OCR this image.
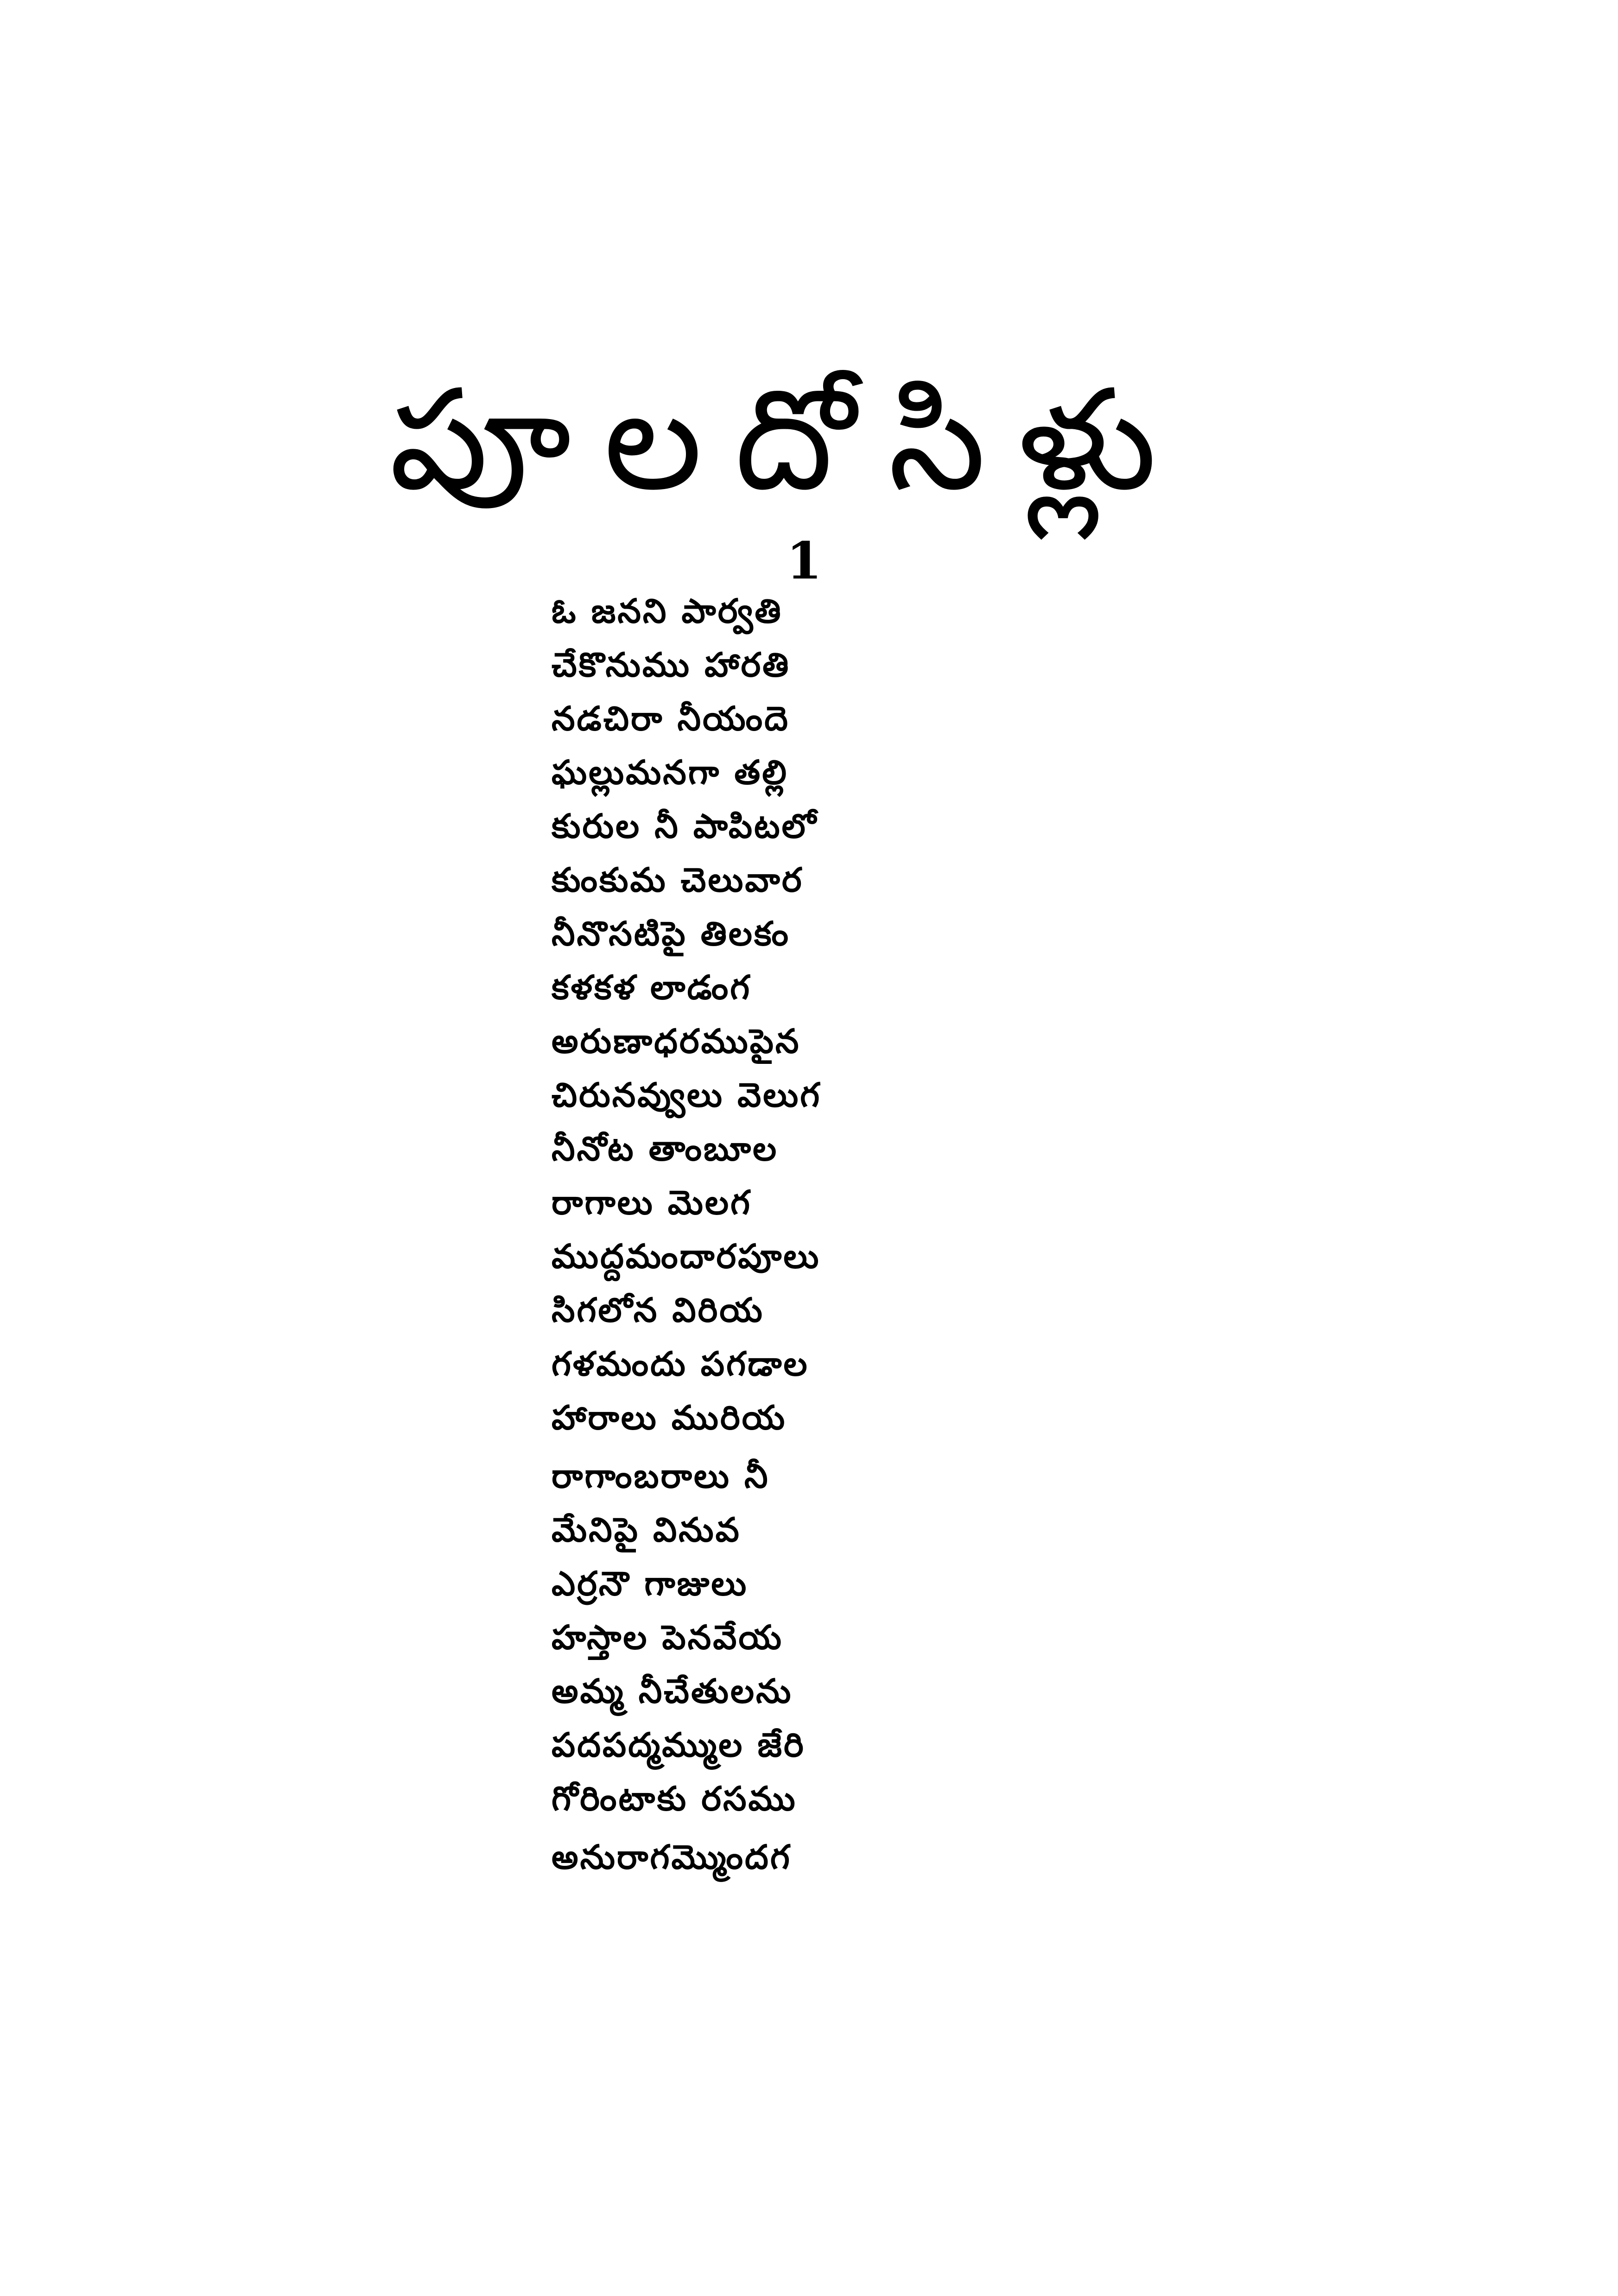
పూలదోసిళ్లు
1
ఓ జనని పార్వతి
చేకొనుము హారతి
నడచిరా నీయందె
ఘల్లుమనగా తల్లి
కురుల నీ పాపిటలో
కుంకుమ చెలువార
నీనొసటిపై తిలకం
కళకళ లాడంగ
అరుణాధరముపైన
చిరునవ్వులు వెలుగ
నీనోట తాంబూల
రాగాలు మెలగ
ముద్దమందారపూలు
సిగలోన విరియ
గళమందు పగడాల
హారాలు మురియ
రాగాంబరాలు నీ
మేనిపై వినువ
ఎర్రనౌ గాజులు
హస్తాల పెనవేయ
అమ్మ నీచేతులను
పదపద్మమ్ముల జేరి
గోరింటాకు రసము
అనురాగమ్మొందగ
